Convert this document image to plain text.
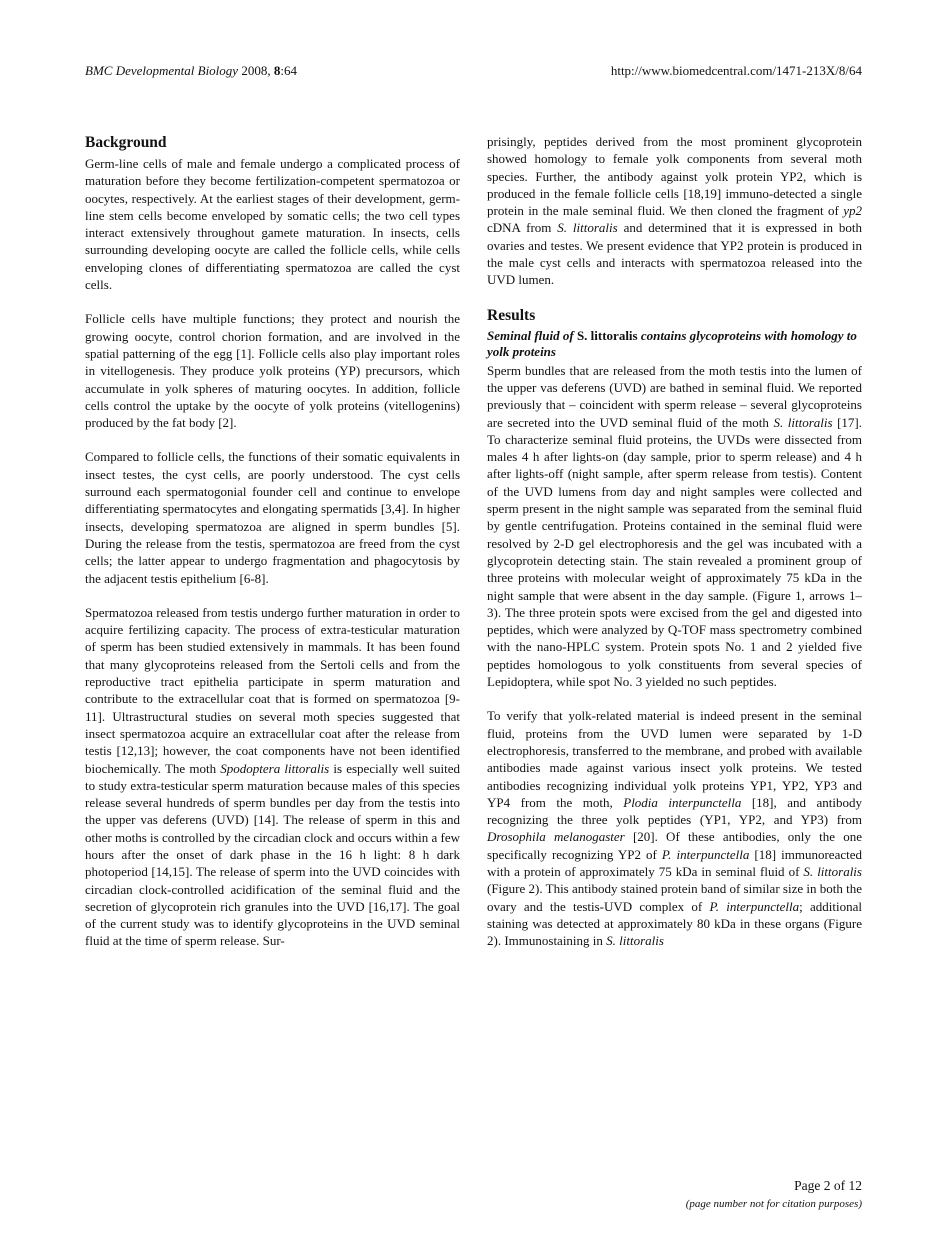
BMC Developmental Biology 2008, 8:64	http://www.biomedcentral.com/1471-213X/8/64
Background
Germ-line cells of male and female undergo a complicated process of maturation before they become fertilization-competent spermatozoa or oocytes, respectively. At the earliest stages of their development, germ-line stem cells become enveloped by somatic cells; the two cell types interact extensively throughout gamete maturation. In insects, cells surrounding developing oocyte are called the follicle cells, while cells enveloping clones of differentiating spermatozoa are called the cyst cells.
Follicle cells have multiple functions; they protect and nourish the growing oocyte, control chorion formation, and are involved in the spatial patterning of the egg [1]. Follicle cells also play important roles in vitellogenesis. They produce yolk proteins (YP) precursors, which accumulate in yolk spheres of maturing oocytes. In addition, follicle cells control the uptake by the oocyte of yolk proteins (vitellogenins) produced by the fat body [2].
Compared to follicle cells, the functions of their somatic equivalents in insect testes, the cyst cells, are poorly understood. The cyst cells surround each spermatogonial founder cell and continue to envelope differentiating spermatocytes and elongating spermatids [3,4]. In higher insects, developing spermatozoa are aligned in sperm bundles [5]. During the release from the testis, spermatozoa are freed from the cyst cells; the latter appear to undergo fragmentation and phagocytosis by the adjacent testis epithelium [6-8].
Spermatozoa released from testis undergo further maturation in order to acquire fertilizing capacity. The process of extra-testicular maturation of sperm has been studied extensively in mammals. It has been found that many glycoproteins released from the Sertoli cells and from the reproductive tract epithelia participate in sperm maturation and contribute to the extracellular coat that is formed on spermatozoa [9-11]. Ultrastructural studies on several moth species suggested that insect spermatozoa acquire an extracellular coat after the release from testis [12,13]; however, the coat components have not been identified biochemically. The moth Spodoptera littoralis is especially well suited to study extra-testicular sperm maturation because males of this species release several hundreds of sperm bundles per day from the testis into the upper vas deferens (UVD) [14]. The release of sperm in this and other moths is controlled by the circadian clock and occurs within a few hours after the onset of dark phase in the 16 h light: 8 h dark photoperiod [14,15]. The release of sperm into the UVD coincides with circadian clock-controlled acidification of the seminal fluid and the secretion of glycoprotein rich granules into the UVD [16,17]. The goal of the current study was to identify glycoproteins in the UVD seminal fluid at the time of sperm release. Sur-
prisingly, peptides derived from the most prominent glycoprotein showed homology to female yolk components from several moth species. Further, the antibody against yolk protein YP2, which is produced in the female follicle cells [18,19] immuno-detected a single protein in the male seminal fluid. We then cloned the fragment of yp2 cDNA from S. littoralis and determined that it is expressed in both ovaries and testes. We present evidence that YP2 protein is produced in the male cyst cells and interacts with spermatozoa released into the UVD lumen.
Results
Seminal fluid of S. littoralis contains glycoproteins with homology to yolk proteins
Sperm bundles that are released from the moth testis into the lumen of the upper vas deferens (UVD) are bathed in seminal fluid. We reported previously that – coincident with sperm release – several glycoproteins are secreted into the UVD seminal fluid of the moth S. littoralis [17]. To characterize seminal fluid proteins, the UVDs were dissected from males 4 h after lights-on (day sample, prior to sperm release) and 4 h after lights-off (night sample, after sperm release from testis). Content of the UVD lumens from day and night samples were collected and sperm present in the night sample was separated from the seminal fluid by gentle centrifugation. Proteins contained in the seminal fluid were resolved by 2-D gel electrophoresis and the gel was incubated with a glycoprotein detecting stain. The stain revealed a prominent group of three proteins with molecular weight of approximately 75 kDa in the night sample that were absent in the day sample. (Figure 1, arrows 1–3). The three protein spots were excised from the gel and digested into peptides, which were analyzed by Q-TOF mass spectrometry combined with the nano-HPLC system. Protein spots No. 1 and 2 yielded five peptides homologous to yolk constituents from several species of Lepidoptera, while spot No. 3 yielded no such peptides.
To verify that yolk-related material is indeed present in the seminal fluid, proteins from the UVD lumen were separated by 1-D electrophoresis, transferred to the membrane, and probed with available antibodies made against various insect yolk proteins. We tested antibodies recognizing individual yolk proteins YP1, YP2, YP3 and YP4 from the moth, Plodia interpunctella [18], and antibody recognizing the three yolk peptides (YP1, YP2, and YP3) from Drosophila melanogaster [20]. Of these antibodies, only the one specifically recognizing YP2 of P. interpunctella [18] immunoreacted with a protein of approximately 75 kDa in seminal fluid of S. littoralis (Figure 2). This antibody stained protein band of similar size in both the ovary and the testis-UVD complex of P. interpunctella; additional staining was detected at approximately 80 kDa in these organs (Figure 2). Immunostaining in S. littoralis
Page 2 of 12
(page number not for citation purposes)
